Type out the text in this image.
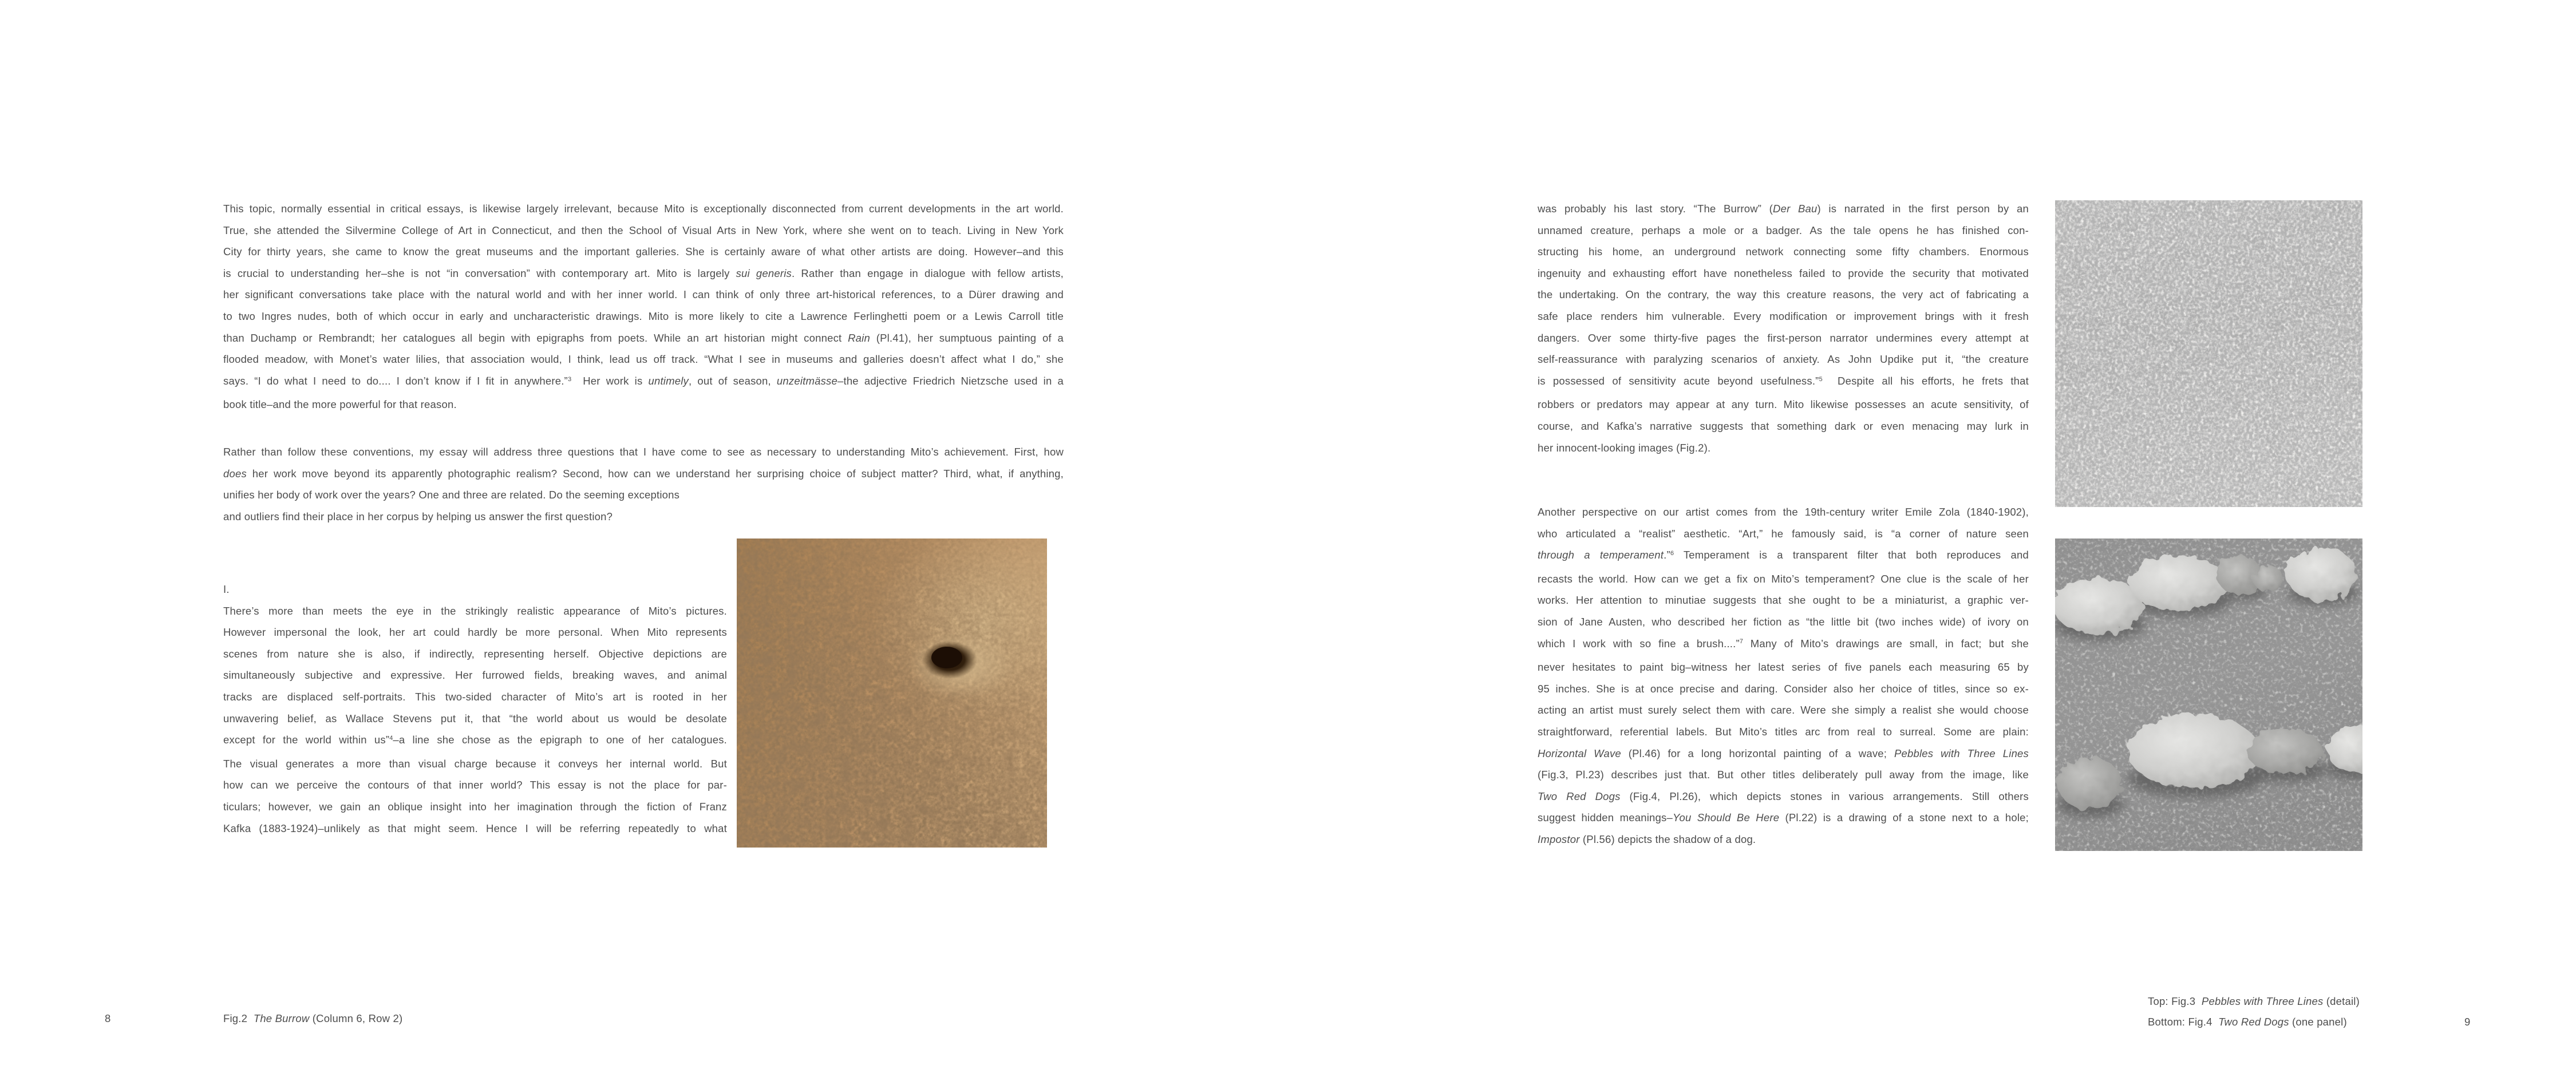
This topic, normally essential in critical essays, is likewise largely irrelevant, because Mito is exceptionally disconnected from current developments in the art world.
True, she attended the Silvermine College of Art in Connecticut, and then the School of Visual Arts in New York, where she went on to teach. Living in New York
City for thirty years, she came to know the great museums and the important galleries. She is certainly aware of what other artists are doing. However–and this
is crucial to understanding her–she is not “in conversation” with contemporary art. Mito is largely sui generis. Rather than engage in dialogue with fellow artists,
her significant conversations take place with the natural world and with her inner world. I can think of only three art-historical references, to a Dürer drawing and
to two Ingres nudes, both of which occur in early and uncharacteristic drawings. Mito is more likely to cite a Lawrence Ferlinghetti poem or a Lewis Carroll title
than Duchamp or Rembrandt; her catalogues all begin with epigraphs from poets. While an art historian might connect Rain (Pl.41), her sumptuous painting of a
flooded meadow, with Monet’s water lilies, that association would, I think, lead us off track. “What I see in museums and galleries doesn’t affect what I do,” she
says. “I do what I need to do.... I don’t know if I fit in anywhere.”$^3$  Her work is untimely, out of season, unzeitmässe–the adjective Friedrich Nietzsche used in a
book title–and the more powerful for that reason.
Rather than follow these conventions, my essay will address three questions that I have come to see as necessary to understanding Mito’s achievement. First, how
does her work move beyond its apparently photographic realism? Second, how can we understand her surprising choice of subject matter? Third, what, if anything,
unifies her body of work over the years? One and three are related. Do the seeming exceptions
and outliers find their place in her corpus by helping us answer the first question?
I.
There’s more than meets the eye in the strikingly realistic appearance of Mito’s pictures.
However impersonal the look, her art could hardly be more personal. When Mito represents
scenes from nature she is also, if indirectly, representing herself. Objective depictions are
simultaneously subjective and expressive. Her furrowed fields, breaking waves, and animal
tracks are displaced self-portraits. This two-sided character of Mito’s art is rooted in her
unwavering belief, as Wallace Stevens put it, that “the world about us would be desolate
except for the world within us”$^4$–a line she chose as the epigraph to one of her catalogues.
The visual generates a more than visual charge because it conveys her internal world. But
how can we perceive the contours of that inner world? This essay is not the place for par-
ticulars; however, we gain an oblique insight into her imagination through the fiction of Franz
Kafka (1883-1924)–unlikely as that might seem. Hence I will be referring repeatedly to what
8	Fig.2  The Burrow (Column 6, Row 2)
was probably his last story. “The Burrow” (Der Bau) is narrated in the first person by an
unnamed creature, perhaps a mole or a badger. As the tale opens he has finished con-
structing his home, an underground network connecting some fifty chambers. Enormous
ingenuity and exhausting effort have nonetheless failed to provide the security that motivated
the undertaking. On the contrary, the way this creature reasons, the very act of fabricating a
safe place renders him vulnerable. Every modification or improvement brings with it fresh
dangers. Over some thirty-five pages the first-person narrator undermines every attempt at
self-reassurance with paralyzing scenarios of anxiety. As John Updike put it, “the creature
is possessed of sensitivity acute beyond usefulness.”$^5$  Despite all his efforts, he frets that
robbers or predators may appear at any turn. Mito likewise possesses an acute sensitivity, of
course, and Kafka’s narrative suggests that something dark or even menacing may lurk in
her innocent-looking images (Fig.2).
Another perspective on our artist comes from the 19th-century writer Emile Zola (1840-1902),
who articulated a “realist” aesthetic. “Art,” he famously said, is “a corner of nature seen
through a temperament.”$^6$ Temperament is a transparent filter that both reproduces and
recasts the world. How can we get a fix on Mito’s temperament? One clue is the scale of her
works. Her attention to minutiae suggests that she ought to be a miniaturist, a graphic ver-
sion of Jane Austen, who described her fiction as “the little bit (two inches wide) of ivory on
which I work with so fine a brush....”$^7$ Many of Mito’s drawings are small, in fact; but she
never hesitates to paint big–witness her latest series of five panels each measuring 65 by
95 inches. She is at once precise and daring. Consider also her choice of titles, since so ex-
acting an artist must surely select them with care. Were she simply a realist she would choose
straightforward, referential labels. But Mito’s titles arc from real to surreal. Some are plain:
Horizontal Wave (Pl.46) for a long horizontal painting of a wave; Pebbles with Three Lines
(Fig.3, Pl.23) describes just that. But other titles deliberately pull away from the image, like
Two Red Dogs (Fig.4, Pl.26), which depicts stones in various arrangements. Still others
suggest hidden meanings–You Should Be Here (Pl.22) is a drawing of a stone next to a hole;
Impostor (Pl.56) depicts the shadow of a dog.
Top: Fig.3  Pebbles with Three Lines (detail)
Bottom: Fig.4  Two Red Dogs (one panel)	9
